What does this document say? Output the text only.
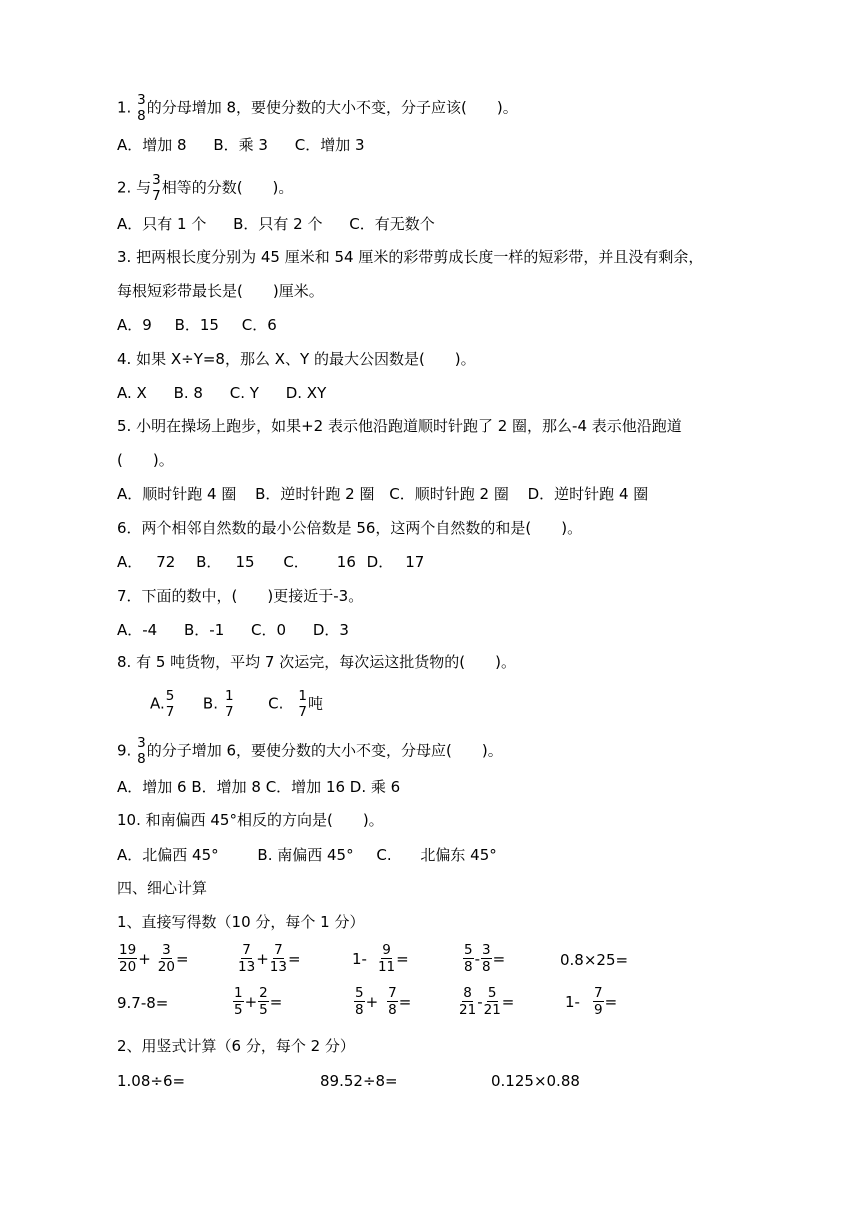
1. 3
8 的分母增加 8，要使分数的大小不变，分子应该(　　)。
A．增加 8 B．乘 3 C．增加 3
2. 与 3
7 相等的分数(　　)。
A．只有 1 个 B．只有 2 个 C．有无数个
3. 把两根长度分别为 45 厘米和 54 厘米的彩带剪成长度一样的短彩带，并且没有剩余，
每根短彩带最长是(　　)厘米。
A．9 B．15 C．6
4. 如果 X÷Y=8，那么 X、Y 的最大公因数是(　　)。
A. X B. 8 C. Y D. XY
5. 小明在操场上跑步，如果+2 表示他沿跑道顺时针跑了 2 圈，那么-4 表示他沿跑道
(　　)。
A．顺时针跑 4 圈 B．逆时针跑 2 圈 C．顺时针跑 2 圈 D．逆时针跑 4 圈
6．两个相邻自然数的最小公倍数是 56，这两个自然数的和是(　　)。
A． 72 B． 15 C． 16 D． 17
7．下面的数中，(　　)更接近于-3。
A．-4 B．-1 C．0 D．3
8. 有 5 吨货物，平均 7 次运完，每次运这批货物的(　　)。
A. 5
7 B. 1
7 C. 1
7 吨
9. 3
8 的分子增加 6，要使分数的大小不变，分母应(　　)。
A．增加 6 B．增加 8 C．增加 16 D. 乘 6
10. 和南偏西 45°相反的方向是(　　)。
A．北偏西 45°	B. 南偏西 45° C. 北偏东 45°
四、细心计算
1、直接写得数（10 分，每个 1 分）
$\frac{19}{20} + \frac{3}{20}$ =	$\frac{7}{13} + \frac{7}{13}$ =	$1- \frac{9}{11}$ =	$\frac{5}{8} - \frac{3}{8}$ =	0.8×25=
9.7-8=	$\frac{1}{5} + \frac{2}{5}$ =	$\frac{5}{8} + \frac{7}{8}$ =	$\frac{8}{21} - \frac{5}{21}$ =	$1- \frac{7}{9}$ =
2、用竖式计算（6 分，每个 2 分）
1.08÷6=	89.52÷8=	0.125×0.88
